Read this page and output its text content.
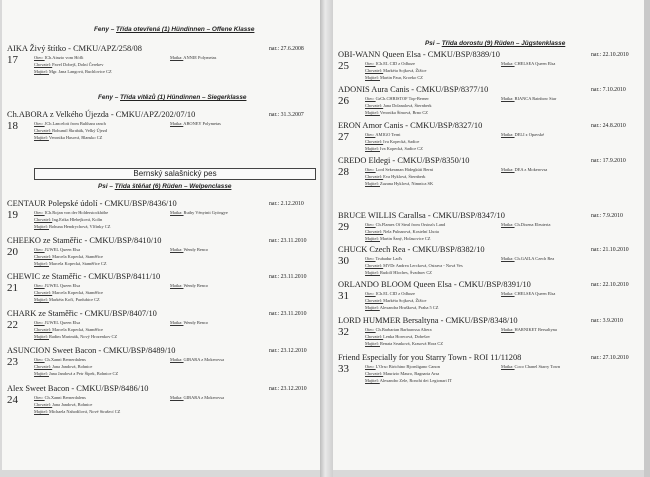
Feny – Třída otevřená (1) Hündinnen – Offene Klasse
Feny – Třída vítězů (1) Hündinnen – Siegerklasse
Bernský salašnický pes
Psi – Třída štěňat (6) Rüden – Welpenclasse
AIKA Živý štítko - CMKU/APZ/258/08	nar.: 27.6.2008
17	Otec: ICh.Ainzio vom Höfli	Matka: ANNIE Polymetas
Chovatel: Pavel Dobejš, Dolní Čerekev
Majitel: Mgr. Jana Langová, Buchlovice CZ
Ch.ABORA z Velkého Újezda - CMKU/APZ/202/07/10	nar.: 31.3.2007
18	Otec: JCh.Lancelott from Bulthara ranch	Matka: ABONEY Polymetas
Chovatel: Bohumil Škrabák, Velký Újezd
Majitel: Veronika Hasová, Blansko CZ
CENTAUR Polepské údolí - CMKU/BSP/8436/10	nar.: 2.12.2010
19	Otec: ICh.Rojan von der Holderstockhöhe	Matka: Ruthy Vényinit Gyöngye
Chovatel: Ing.Erika Hlebejková, Kolín
Majitel: Bohuna Hendrychová, Vlčínky CZ
CHEEKO ze Staměřic - CMKU/BSP/8410/10	nar.: 23.11.2010
20	Otec: JUWEL Queen Elsa	Matka: Wendy Benco
Chovatel: Marcela Kopecká, Staměřice
Majitel: Marcela Kopecká, Staměřice CZ
CHEWIC ze Staměřic - CMKU/BSP/8411/10	nar.: 23.11.2010
21	Otec: JUWEL Queen Elsa	Matka: Wendy Benco
Chovatel: Marcela Kopecká, Staměřice
Majitel: Markéta Kočí, Pardubice CZ
CHARK ze Staměřic - CMKU/BSP/8407/10	nar.: 23.11.2010
22	Otec: JUWEL Queen Elsa	Matka: Wendy Benco
Chovatel: Marcela Kopecká, Staměřice
Majitel: Radim Marimák, Nový Hrozenkov CZ
ASUNCION Sweet Bacon - CMKU/BSP/8489/10	nar.: 23.12.2010
23	Otec: Ch.Xanni Bernerdalens	Matka: GIBARA z Mokerovsa
Chovatel: Jana Jandová, Bohnice
Majitel: Jana Jandová a Petr Šípek, Bohnice CZ
Alex Sweet Bacon - CMKU/BSP/8486/10	nar.: 23.12.2010
24	Otec: Ch.Xanni Bernerdalens	Matka: GIBARA z Mokerovsa
Chovatel: Jana Jandová, Bohnice
Majitel: Michaela Nahodilová, Nové Strašecí CZ
Psi – Třída dorostu (9) Rüden – Jügstenklasse
OBI-WANN Queen Elsa - CMKU/BSP/8389/10	nar.: 22.10.2010
25	Otec: ICh.EL CID z Odhoze	Matka: CHELSEA Queen Elsa
Chovatel: Markéta Sojková, Žižice
Majitel: Martin Paur, Kroeko CZ
ADONIS Aura Canis - CMKU/BSP/8377/10	nar.: 7.10.2010
26	Otec: GrCh.CHRISTOF Top-Berner	Matka: BIANCA Rainbow Star
Chovatel: Jana Dolanalová, Šternberk
Majitel: Veronika Šímová, Brno CZ
ERON Amor Canis - CMKU/BSP/8327/10	nar.: 24.8.2010
27	Otec: AMIGO Terni	Matka: DELI z Opavské
Chovatel: Iva Kopecká, Sadice
Majitel: Iva Kopecká, Sadice CZ
CREDO Eldegi - CMKU/BSP/8350/10	nar.: 17.9.2010
28	Otec: Lord Sekeranan Hidegkúti Berni	Matka: DEA z Mokerovsa
Chovatel: Eva Hyklová, Šternberk
Majitel: Zuzana Hyklová, Nimnica SK
BRUCE WILLIS Carallsa - CMKU/BSP/8347/10	nar.: 7.9.2010
29	Otec: Ch.Flames Of Steal from Orsina's Land	Matka: Ch.Dixena Eleuteria
Chovatel: Nela Pulnarová, Kostelní Lhota
Majitel: Martin Šaný, Holasovice CZ
CHUCK Czech Rea - CMKU/BSP/8382/10	nar.: 21.10.2010
30	Otec: Trubadur Lad's	Matka: Ch.GAILA Czech Rea
Chovatel: MVDr Andrea Lercková, Ostrava - Nová Ves
Majitel: Rudolf Hloches, Švadnov CZ
ORLANDO BLOOM Queen Elsa - CMKU/BSP/8391/10	nar.: 22.10.2010
31	Otec: ICh.EL CID z Odhoze	Matka: CHELSEA Queen Elsa
Chovatel: Markéta Sojková, Žižice
Majitel: Alexandra Hrušková, Praha 5 CZ
LORD HUMMER Bersaltyna - CMKU/BSP/8348/10	nar.: 3.9.2010
32	Otec: Ch.Barbarian Barbarossa Altera	Matka: HARNIKET Bersaltyna
Chovatel: Lenka Horecová, Dobešov
Majitel: Renata Srsnková, Krasová Hora CZ
Friend Especially for you Starry Town - ROI 11/11208	nar.: 27.10.2010
33	Otec: L'Orso Birichino Bjornligano Canon	Matka: Coco Chanel Starry Town
Chovatel: Maurizio Mauro, Bagnaria Arsa
Majitel: Alexandro Zele, Ronchi dei Legionari IT
